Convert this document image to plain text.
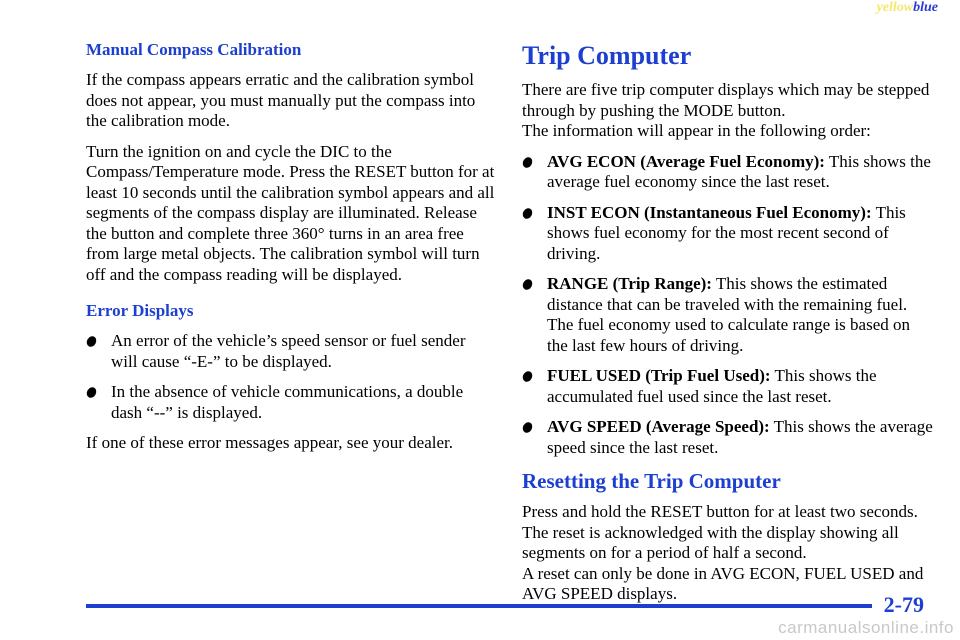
yellowblue
Manual Compass Calibration

If the compass appears erratic and the calibration symbol does not appear, you must manually put the compass into the calibration mode.

Turn the ignition on and cycle the DIC to the Compass/Temperature mode. Press the RESET button for at least 10 seconds until the calibration symbol appears and all segments of the compass display are illuminated. Release the button and complete three 360° turns in an area free from large metal objects. The calibration symbol will turn off and the compass reading will be displayed.

Error Displays
An error of the vehicle’s speed sensor or fuel sender will cause “-E-” to be displayed.
In the absence of vehicle communications, a double dash “--” is displayed.

If one of these error messages appear, see your dealer.

Trip Computer

There are five trip computer displays which may be stepped through by pushing the MODE button.

The information will appear in the following order:

AVG ECON (Average Fuel Economy): This shows the average fuel economy since the last reset.
INST ECON (Instantaneous Fuel Economy): This shows fuel economy for the most recent second of driving.
RANGE (Trip Range): This shows the estimated distance that can be traveled with the remaining fuel. The fuel economy used to calculate range is based on the last few hours of driving.
FUEL USED (Trip Fuel Used): This shows the accumulated fuel used since the last reset.
AVG SPEED (Average Speed): This shows the average speed since the last reset.
Resetting the Trip Computer

Press and hold the RESET button for at least two seconds. The reset is acknowledged with the display showing all segments on for a period of half a second.

A reset can only be done in AVG ECON, FUEL USED and AVG SPEED displays.	2-79
carmanualsonline.info
